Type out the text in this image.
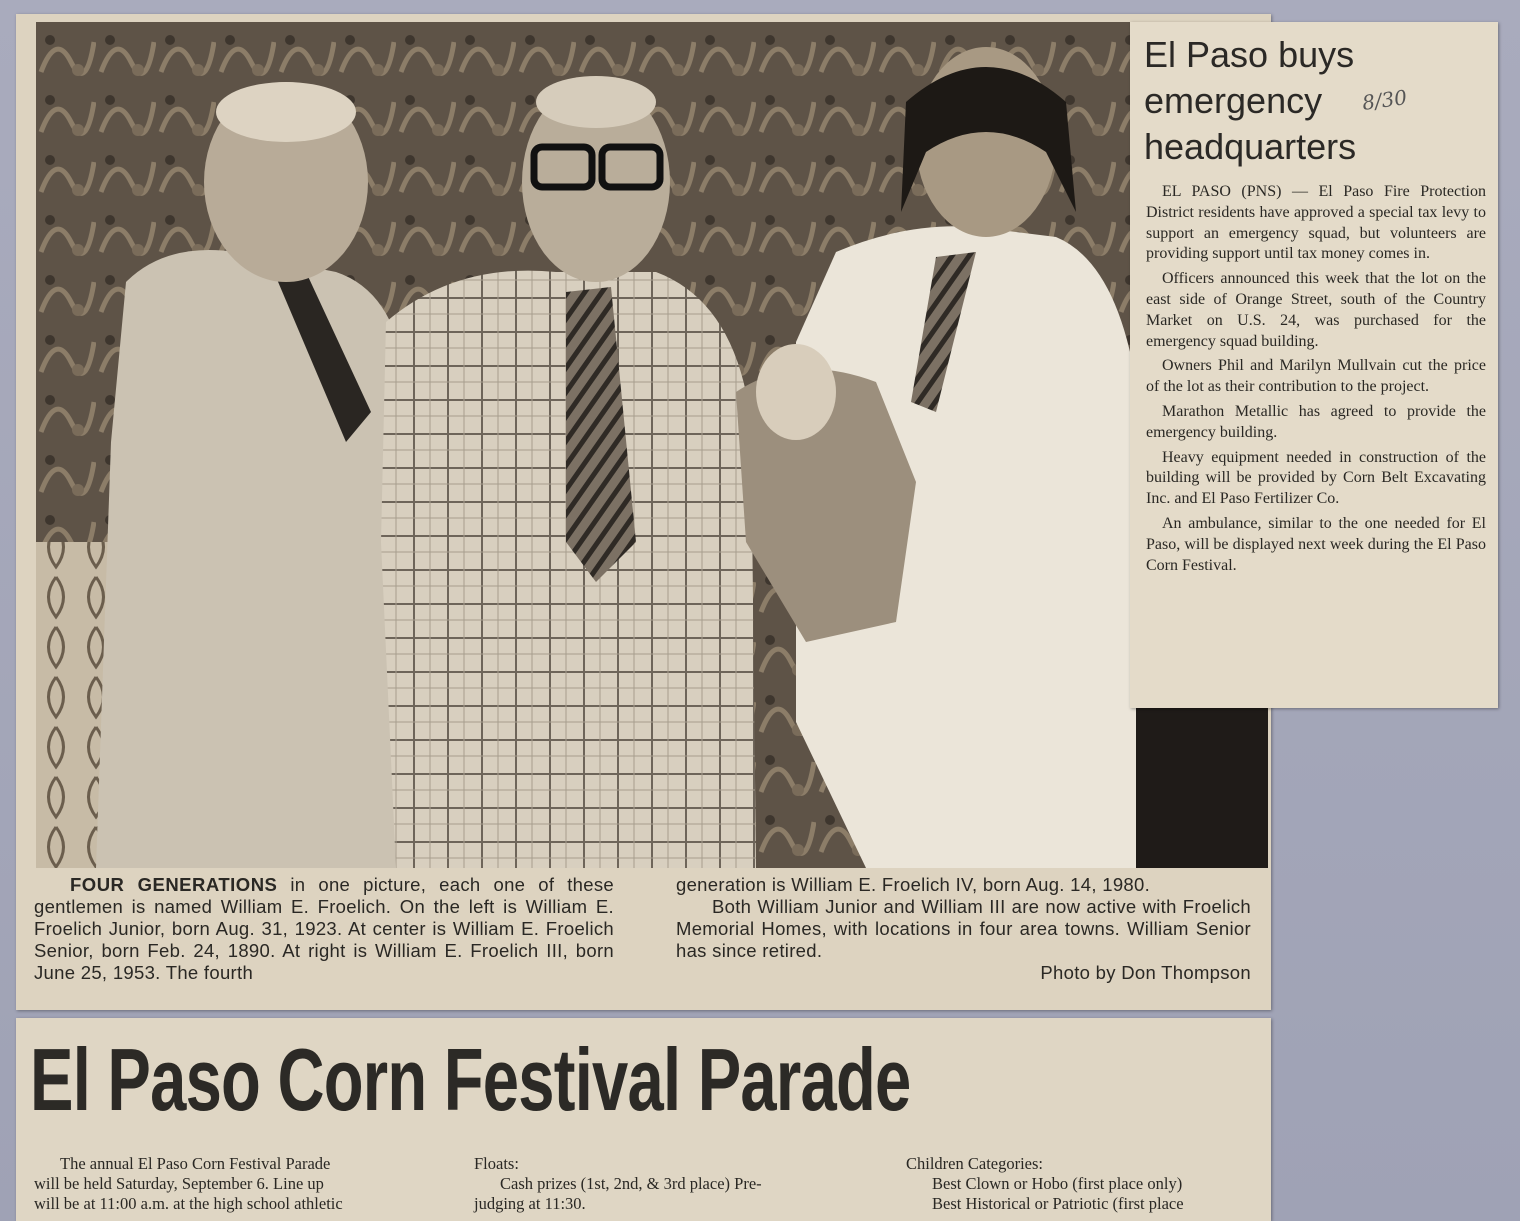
FOUR GENERATIONS in one picture, each one of these gentlemen is named William E. Froelich. On the left is William E. Froelich Junior, born Aug. 31, 1923. At center is William E. Froelich Senior, born Feb. 24, 1890. At right is William E. Froelich III, born June 25, 1953. The fourth

generation is William E. Froelich IV, born Aug. 14, 1980.

Both William Junior and William III are now active with Froelich Memorial Homes, with locations in four area towns. William Senior has since retired.

Photo by Don Thompson

El Paso buys
emergency
headquarters
8/30

EL PASO (PNS) — El Paso Fire Protection District residents have approved a special tax levy to support an emergency squad, but volunteers are providing support until tax money comes in.

Officers announced this week that the lot on the east side of Orange Street, south of the Country Market on U.S. 24, was purchased for the emergency squad building.

Owners Phil and Marilyn Mullvain cut the price of the lot as their contribution to the project.

Marathon Metallic has agreed to provide the emergency building.

Heavy equipment needed in construction of the building will be provided by Corn Belt Excavating Inc. and El Paso Fertilizer Co.

An ambulance, similar to the one needed for El Paso, will be displayed next week during the El Paso Corn Festival.

El Paso Corn Festival Parade

The annual El Paso Corn Festival Parade

will be held Saturday, September 6. Line up

will be at 11:00 a.m. at the high school athletic

Floats:

Cash prizes (1st, 2nd, & 3rd place) Pre-

judging at 11:30.

Children Categories:

Best Clown or Hobo (first place only)

Best Historical or Patriotic (first place
